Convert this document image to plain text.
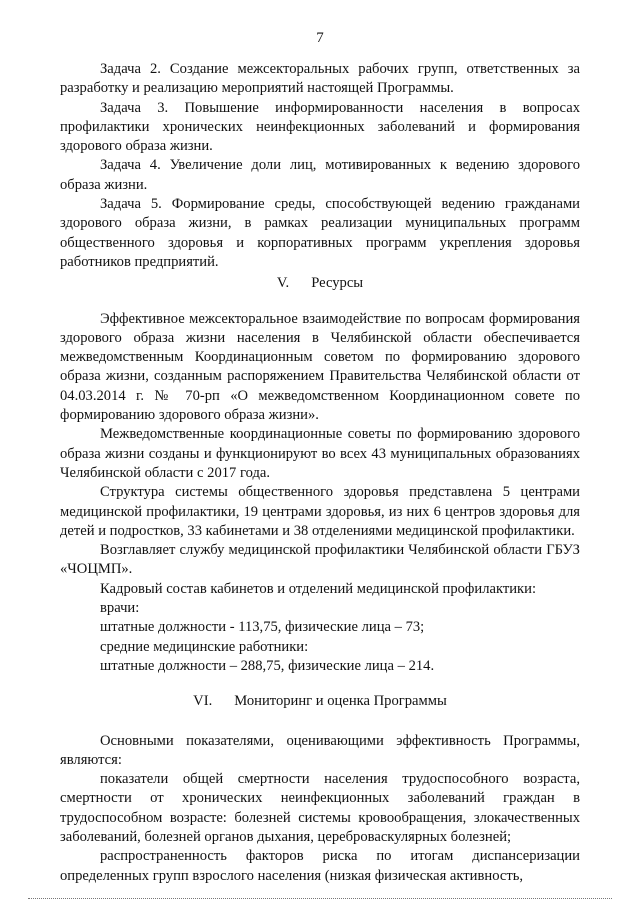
7

Задача 2. Создание межсекторальных рабочих групп, ответственных за разработку и реализацию мероприятий настоящей Программы.

Задача 3. Повышение информированности населения в вопросах профилактики хронических неинфекционных заболеваний и формирования здорового образа жизни.

Задача 4. Увеличение доли лиц, мотивированных к ведению здорового образа жизни.

Задача 5. Формирование среды, способствующей ведению гражданами здорового образа жизни, в рамках реализации муниципальных программ общественного здоровья и корпоративных программ укрепления здоровья работников предприятий.

V. Ресурсы

Эффективное межсекторальное взаимодействие по вопросам формирования здорового образа жизни населения в Челябинской области обеспечивается межведомственным Координационным советом по формированию здорового образа жизни, созданным распоряжением Правительства Челябинской области от 04.03.2014 г. № 70-рп «О межведомственном Координационном совете по формированию здорового образа жизни».

Межведомственные координационные советы по формированию здорового образа жизни созданы и функционируют во всех 43 муниципальных образованиях Челябинской области с 2017 года.

Структура системы общественного здоровья представлена 5 центрами медицинской профилактики, 19 центрами здоровья, из них 6 центров здоровья для детей и подростков, 33 кабинетами и 38 отделениями медицинской профилактики.

Возглавляет службу медицинской профилактики Челябинской области ГБУЗ «ЧОЦМП».

Кадровый состав кабинетов и отделений медицинской профилактики:

врачи:

штатные должности - 113,75, физические лица – 73;

средние медицинские работники:

штатные должности – 288,75, физические лица – 214.

VI. Мониторинг и оценка Программы

Основными показателями, оценивающими эффективность Программы, являются:

показатели общей смертности населения трудоспособного возраста, смертности от хронических неинфекционных заболеваний граждан в трудоспособном возрасте: болезней системы кровообращения, злокачественных заболеваний, болезней органов дыхания, цереброваскулярных болезней;

распространенность факторов риска по итогам диспансеризации определенных групп взрослого населения (низкая физическая активность,
